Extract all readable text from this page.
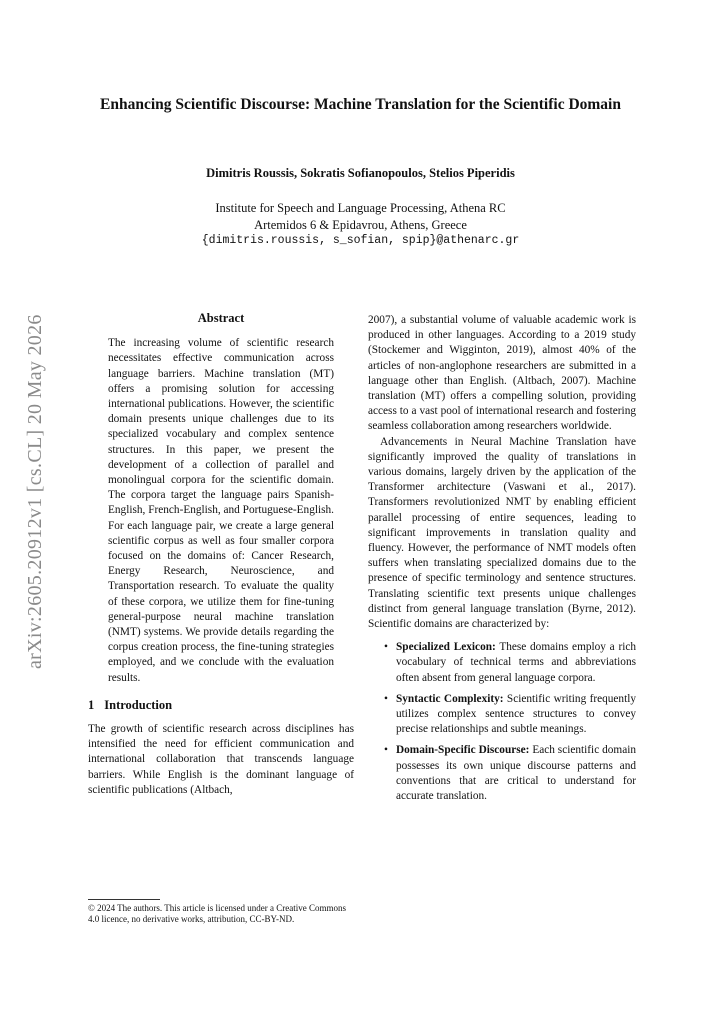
Enhancing Scientific Discourse: Machine Translation for the Scientific Domain
Dimitris Roussis, Sokratis Sofianopoulos, Stelios Piperidis
Institute for Speech and Language Processing, Athena RC
Artemidos 6 & Epidavrou, Athens, Greece
{dimitris.roussis, s_sofian, spip}@athenarc.gr
arXiv:2605.20912v1 [cs.CL] 20 May 2026	Abstract

The increasing volume of scientific research necessitates effective communication across language barriers. Machine translation (MT) offers a promising solution for accessing international publications. However, the scientific domain presents unique challenges due to its specialized vocabulary and complex sentence structures. In this paper, we present the development of a collection of parallel and monolingual corpora for the scientific domain. The corpora target the language pairs Spanish-English, French-English, and Portuguese-English. For each language pair, we create a large general scientific corpus as well as four smaller corpora focused on the domains of: Cancer Research, Energy Research, Neuroscience, and Transportation research. To evaluate the quality of these corpora, we utilize them for fine-tuning general-purpose neural machine translation (NMT) systems. We provide details regarding the corpus creation process, the fine-tuning strategies employed, and we conclude with the evaluation results.

1 Introduction

The growth of scientific research across disciplines has intensified the need for efficient communication and international collaboration that transcends language barriers. While English is the dominant language of scientific publications (Altbach,

© 2024 The authors. This article is licensed under a Creative Commons 4.0 licence, no derivative works, attribution, CC-BY-ND.

2007), a substantial volume of valuable academic work is produced in other languages. According to a 2019 study (Stockemer and Wigginton, 2019), almost 40% of the articles of non-anglophone researchers are submitted in a language other than English. (Altbach, 2007). Machine translation (MT) offers a compelling solution, providing access to a vast pool of international research and fostering seamless collaboration among researchers worldwide.

Advancements in Neural Machine Translation have significantly improved the quality of translations in various domains, largely driven by the application of the Transformer architecture (Vaswani et al., 2017). Transformers revolutionized NMT by enabling efficient parallel processing of entire sequences, leading to significant improvements in translation quality and fluency. However, the performance of NMT models often suffers when translating specialized domains due to the presence of specific terminology and sentence structures. Translating scientific text presents unique challenges distinct from general language translation (Byrne, 2012). Scientific domains are characterized by:

• Specialized Lexicon: These domains employ a rich vocabulary of technical terms and abbreviations often absent from general language corpora.
• Syntactic Complexity: Scientific writing frequently utilizes complex sentence structures to convey precise relationships and subtle meanings.
• Domain-Specific Discourse: Each scientific domain possesses its own unique discourse patterns and conventions that are critical to understand for accurate translation.
